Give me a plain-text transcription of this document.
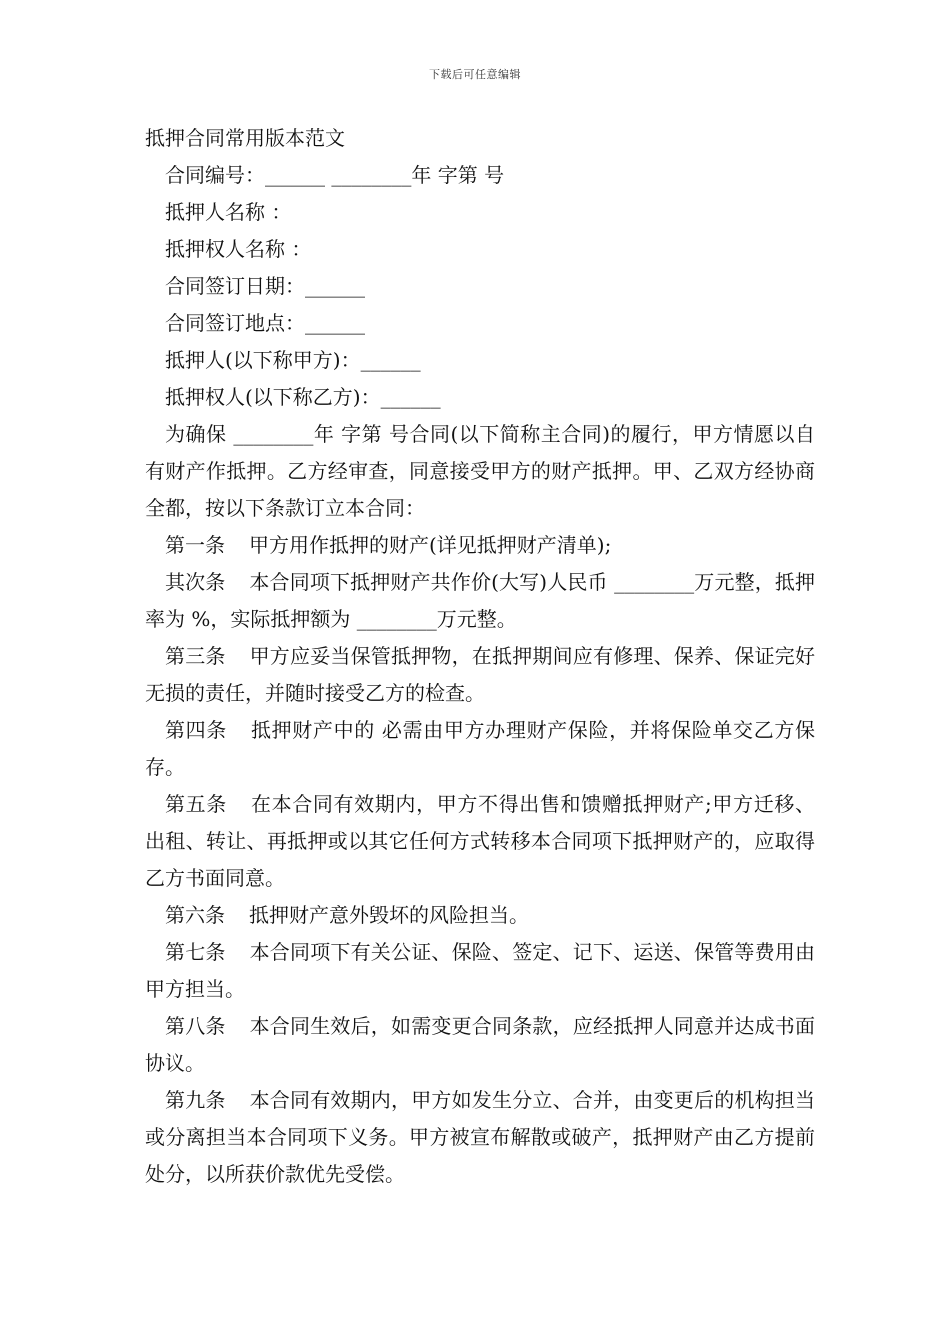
下载后可任意编辑

抵押合同常用版本范文

合同编号：______ ________年 字第 号

抵押人名称 ：

抵押权人名称 ：

合同签订日期：______

合同签订地点：______

抵押人(以下称甲方)：______

抵押权人(以下称乙方)：______

为确保 ________年 字第 号合同(以下简称主合同)的履行，甲方情愿以自有财产作抵押。乙方经审查，同意接受甲方的财产抵押。甲、乙双方经协商全都，按以下条款订立本合同：

第一条 甲方用作抵押的财产(详见抵押财产清单);

其次条 本合同项下抵押财产共作价(大写)人民币 ________万元整，抵押率为 %，实际抵押额为 ________万元整。

第三条 甲方应妥当保管抵押物，在抵押期间应有修理、保养、保证完好无损的责任，并随时接受乙方的检查。

第四条 抵押财产中的 必需由甲方办理财产保险，并将保险单交乙方保存。

第五条 在本合同有效期内，甲方不得出售和馈赠抵押财产;甲方迁移、出租、转让、再抵押或以其它任何方式转移本合同项下抵押财产的，应取得乙方书面同意。

第六条 抵押财产意外毁坏的风险担当。

第七条 本合同项下有关公证、保险、签定、记下、运送、保管等费用由甲方担当。

第八条 本合同生效后，如需变更合同条款，应经抵押人同意并达成书面协议。

第九条 本合同有效期内，甲方如发生分立、合并，由变更后的机构担当或分离担当本合同项下义务。甲方被宣布解散或破产，抵押财产由乙方提前处分，以所获价款优先受偿。
